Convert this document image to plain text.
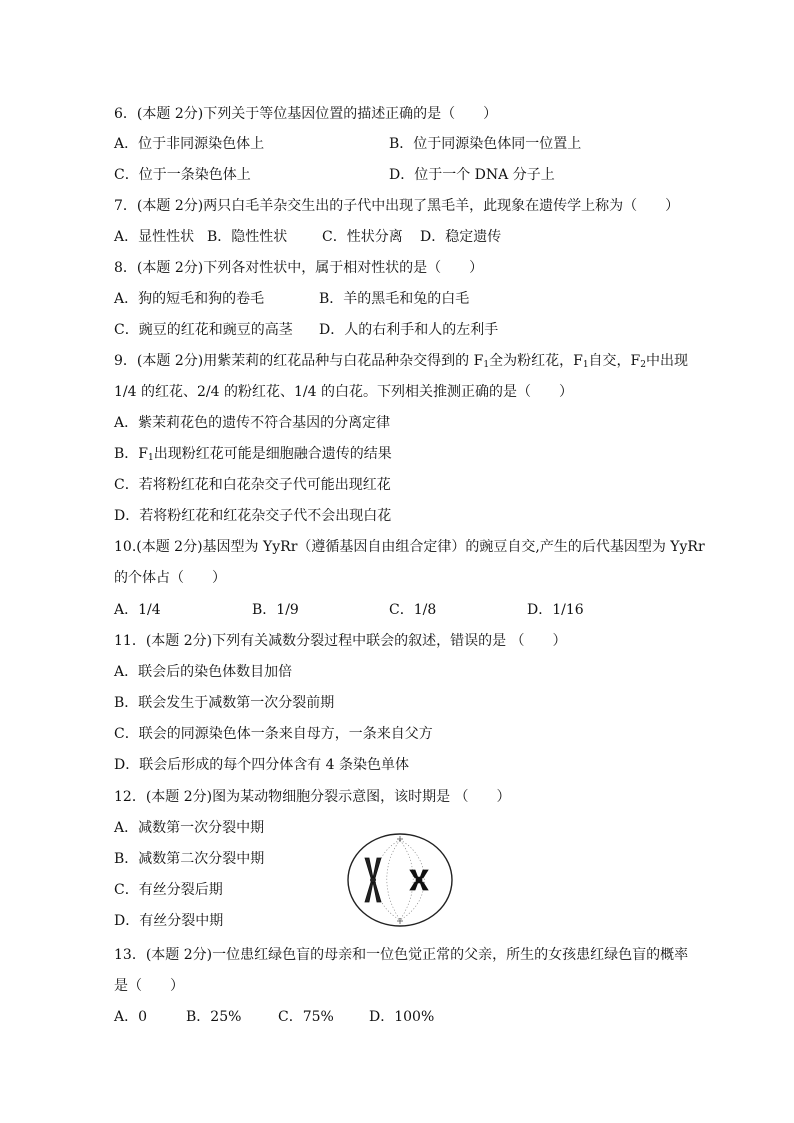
6．(本题 2分)下列关于等位基因位置的描述正确的是（　　）
A．位于非同源染色体上	B．位于同源染色体同一位置上
C．位于一条染色体上	D．位于一个 DNA 分子上
7．(本题 2分)两只白毛羊杂交生出的子代中出现了黑毛羊，此现象在遗传学上称为（　　）
A．显性性状 B．隐性性状 C．性状分离 D．稳定遗传
8．(本题 2分)下列各对性状中，属于相对性状的是（　　）
A．狗的短毛和狗的卷毛	B．羊的黑毛和兔的白毛
C．豌豆的红花和豌豆的高茎 D．人的右利手和人的左利手
9．(本题 2分)用紫茉莉的红花品种与白花品种杂交得到的 $F_1$全为粉红花，$F_1$自交，$F_2$中出现
1/4 的红花、2/4 的粉红花、1/4 的白花。下列相关推测正确的是（　　）
A．紫茉莉花色的遗传不符合基因的分离定律
B．$F_1$出现粉红花可能是细胞融合遗传的结果
C．若将粉红花和白花杂交子代可能出现红花
D．若将粉红花和红花杂交子代不会出现白花
10.(本题 2分)基因型为 YyRr（遵循基因自由组合定律）的豌豆自交,产生的后代基因型为 YyRr
的个体占（　　）
A．1/4	B．1/9	C．1/8	D．1/16
11．(本题 2分)下列有关减数分裂过程中联会的叙述，错误的是 （　　）
A．联会后的染色体数目加倍
B．联会发生于减数第一次分裂前期
C．联会的同源染色体一条来自母方，一条来自父方
D．联会后形成的每个四分体含有 4 条染色单体
12．(本题 2分)图为某动物细胞分裂示意图，该时期是 （　　）
A．减数第一次分裂中期
B．减数第二次分裂中期
C．有丝分裂后期
D．有丝分裂中期
13．(本题 2分)一位患红绿色盲的母亲和一位色觉正常的父亲，所生的女孩患红绿色盲的概率
是（　　）
A．0	B．25%	C．75%	D．100%
